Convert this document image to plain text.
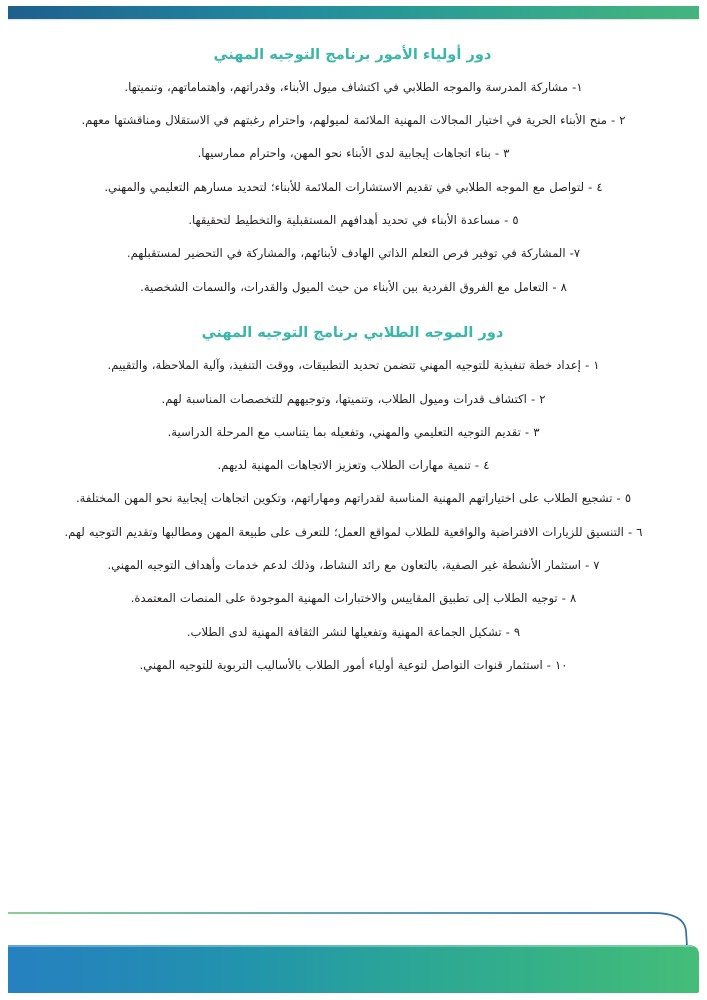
دور أولياء الأمور برنامج التوجيه المهني
١- مشاركة المدرسة والموجه الطلابي في اكتشاف ميول الأبناء، وقدراتهم، واهتماماتهم، وتنميتها.
٢ - منح الأبناء الحرية في اختيار المجالات المهنية الملائمة لميولهم، واحترام رغبتهم في الاستقلال ومناقشتها معهم.
٣ - بناء اتجاهات إيجابية لدى الأبناء نحو المهن، واحترام ممارسيها.
٤ - لتواصل مع الموجه الطلابي في تقديم الاستشارات الملائمة للأبناء؛ لتحديد مسارهم التعليمي والمهني.
٥ - مساعدة الأبناء في تحديد أهدافهم المستقبلية والتخطيط لتحقيقها.
٧- المشاركة في توفير فرص التعلم الذاتي الهادف لأبنائهم، والمشاركة في التحضير لمستقبلهم.
٨ - التعامل مع الفروق الفردية بين الأبناء من حيث الميول والقدرات، والسمات الشخصية.
دور الموجه الطلابي برنامج التوجيه المهني
١ - إعداد خطة تنفيذية للتوجيه المهني تتضمن تحديد التطبيقات، ووقت التنفيذ، وآلية الملاحظة، والتقييم.
٢ - اكتشاف قدرات وميول الطلاب، وتنميتها، وتوجيههم للتخصصات المناسبة لهم.
٣ - تقديم التوجيه التعليمي والمهني، وتفعيله بما يتناسب مع المرحلة الدراسية.
٤ - تنمية مهارات الطلاب وتعزيز الاتجاهات المهنية لديهم.
٥ - تشجيع الطلاب على اختياراتهم المهنية المناسبة لقدراتهم ومهاراتهم، وتكوين اتجاهات إيجابية نحو المهن المختلفة.
٦ - التنسيق للزيارات الافتراضية والواقعية للطلاب لمواقع العمل؛ للتعرف على طبيعة المهن ومطالبها وتقديم التوجيه لهم.
٧ - استثمار الأنشطة غير الصفية، بالتعاون مع رائد النشاط، وذلك لدعم خدمات وأهداف التوجيه المهني.
٨ - توجيه الطلاب إلى تطبيق المقاييس والاختبارات المهنية الموجودة على المنصات المعتمدة.
٩ - تشكيل الجماعة المهنية وتفعيلها لنشر الثقافة المهنية لدى الطلاب.
١٠ - استثمار قنوات التواصل لتوعية أولياء أمور الطلاب بالأساليب التربوية للتوجيه المهني.
